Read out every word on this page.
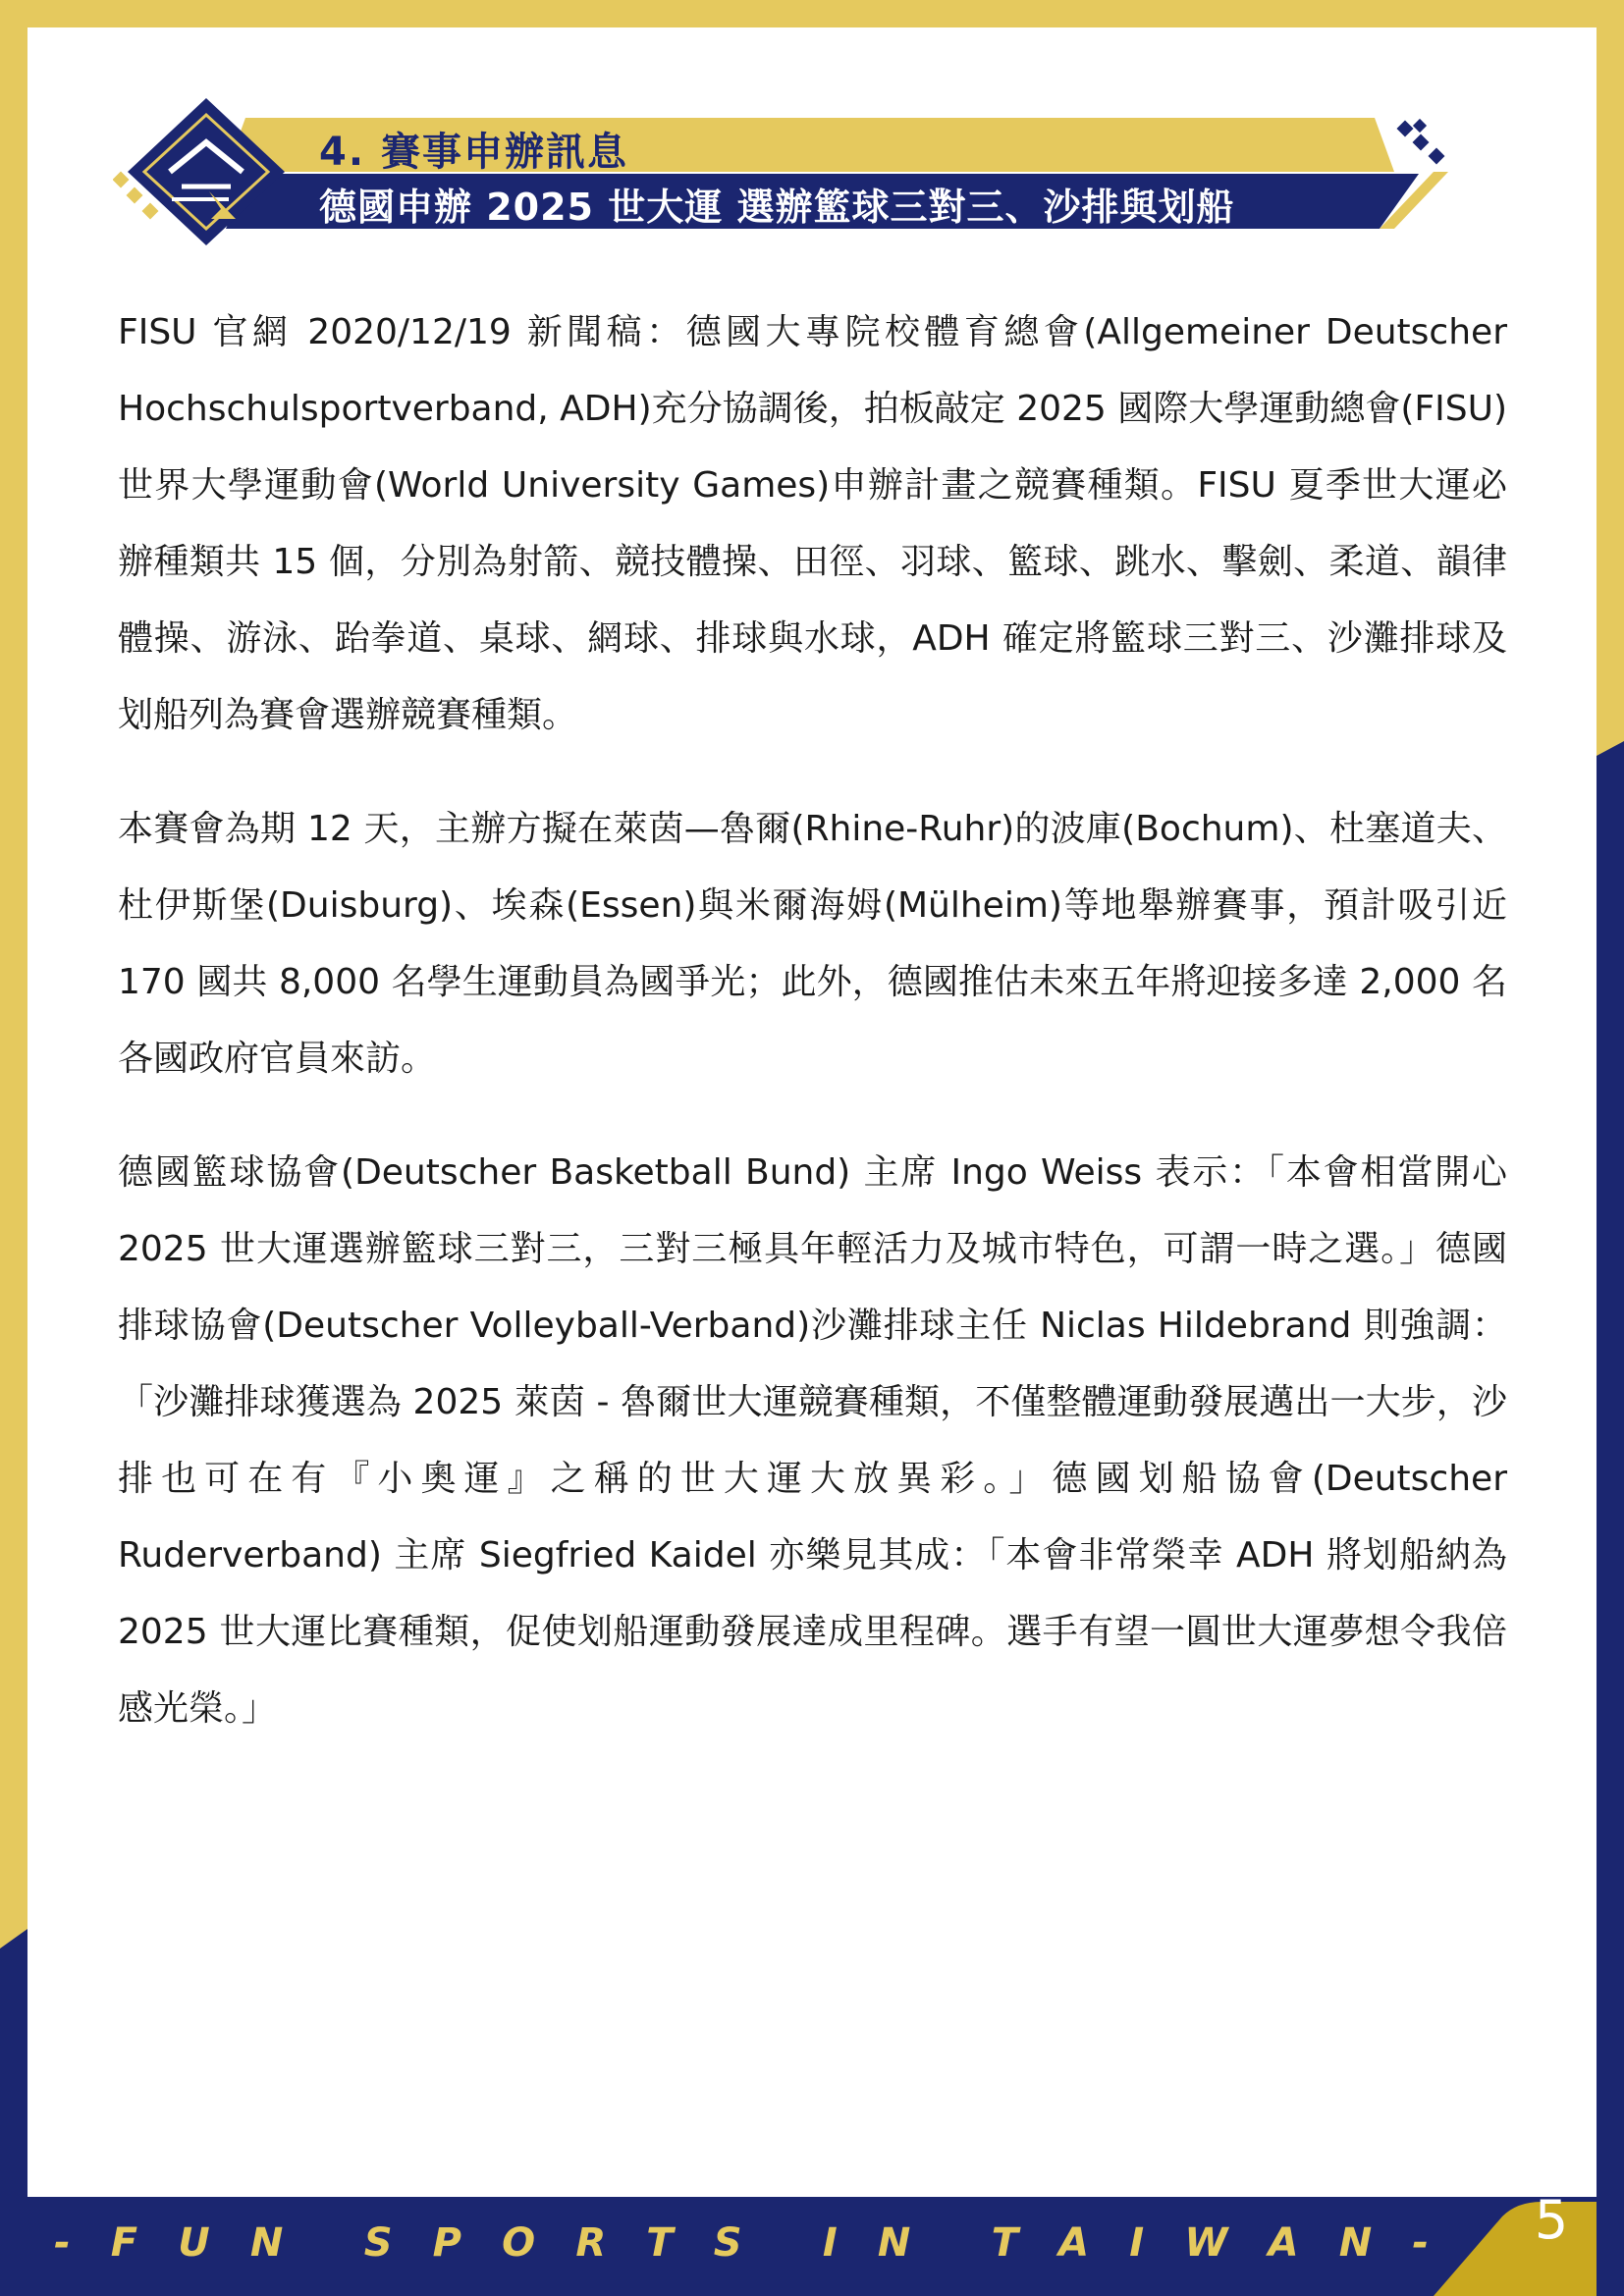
4. 賽事申辦訊息
德國申辦 2025 世大運 選辦籃球三對三、沙排與划船

FISU 官網 2020/12/19 新聞稿：德國大專院校體育總會(Allgemeiner Deutscher Hochschulsportverband, ADH)充分協調後，拍板敲定 2025 國際大學運動總會(FISU)世界大學運動會(World University Games)申辦計畫之競賽種類。FISU 夏季世大運必辦種類共 15 個，分別為射箭、競技體操、田徑、羽球、籃球、跳水、擊劍、柔道、韻律體操、游泳、跆拳道、桌球、網球、排球與水球，ADH 確定將籃球三對三、沙灘排球及划船列為賽會選辦競賽種類。

本賽會為期 12 天，主辦方擬在萊茵—魯爾(Rhine-Ruhr)的波庫(Bochum)、杜塞道夫、杜伊斯堡(Duisburg)、埃森(Essen)與米爾海姆(Mülheim)等地舉辦賽事，預計吸引近 170 國共 8,000 名學生運動員為國爭光；此外，德國推估未來五年將迎接多達 2,000 名各國政府官員來訪。

德國籃球協會(Deutscher Basketball Bund) 主席 Ingo Weiss 表示：「本會相當開心 2025 世大運選辦籃球三對三，三對三極具年輕活力及城市特色，可謂一時之選。」德國排球協會(Deutscher Volleyball-Verband)沙灘排球主任 Niclas Hildebrand 則強調：「沙灘排球獲選為 2025 萊茵 - 魯爾世大運競賽種類，不僅整體運動發展邁出一大步，沙排也可在有『小奧運』之稱的世大運大放異彩。」德國划船協會(Deutscher Ruderverband) 主席 Siegfried Kaidel 亦樂見其成：「本會非常榮幸 ADH 將划船納為 2025 世大運比賽種類，促使划船運動發展達成里程碑。選手有望一圓世大運夢想令我倍感光榮。」

- F U N S P O R T S I N T A I W A N -	5
